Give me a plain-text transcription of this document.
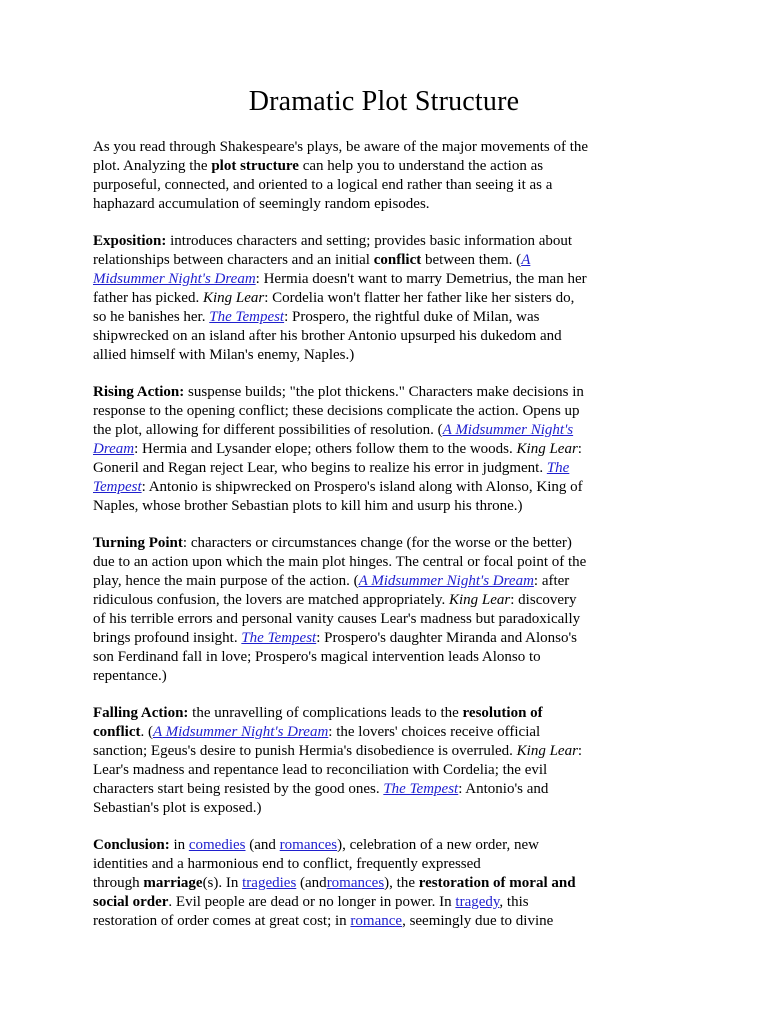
Dramatic Plot Structure

As you read through Shakespeare's plays, be aware of the major movements of the
plot. Analyzing the plot structure can help you to understand the action as
purposeful, connected, and oriented to a logical end rather than seeing it as a
haphazard accumulation of seemingly random episodes.

Exposition: introduces characters and setting; provides basic information about
relationships between characters and an initial conflict between them. (A
Midsummer Night's Dream: Hermia doesn't want to marry Demetrius, the man her
father has picked. King Lear: Cordelia won't flatter her father like her sisters do,
so he banishes her. The Tempest: Prospero, the rightful duke of Milan, was
shipwrecked on an island after his brother Antonio upsurped his dukedom and
allied himself with Milan's enemy, Naples.)

Rising Action: suspense builds; "the plot thickens." Characters make decisions in
response to the opening conflict; these decisions complicate the action. Opens up
the plot, allowing for different possibilities of resolution. (A Midsummer Night's
Dream: Hermia and Lysander elope; others follow them to the woods. King Lear:
Goneril and Regan reject Lear, who begins to realize his error in judgment. The
Tempest: Antonio is shipwrecked on Prospero's island along with Alonso, King of
Naples, whose brother Sebastian plots to kill him and usurp his throne.)

Turning Point: characters or circumstances change (for the worse or the better)
due to an action upon which the main plot hinges. The central or focal point of the
play, hence the main purpose of the action. (A Midsummer Night's Dream: after
ridiculous confusion, the lovers are matched appropriately. King Lear: discovery
of his terrible errors and personal vanity causes Lear's madness but paradoxically
brings profound insight. The Tempest: Prospero's daughter Miranda and Alonso's
son Ferdinand fall in love; Prospero's magical intervention leads Alonso to
repentance.)

Falling Action: the unravelling of complications leads to the resolution of
conflict. (A Midsummer Night's Dream: the lovers' choices receive official
sanction; Egeus's desire to punish Hermia's disobedience is overruled. King Lear:
Lear's madness and repentance lead to reconciliation with Cordelia; the evil
characters start being resisted by the good ones. The Tempest: Antonio's and
Sebastian's plot is exposed.)

Conclusion: in comedies (and romances), celebration of a new order, new
identities and a harmonious end to conflict, frequently expressed
through marriage(s). In tragedies (andromances), the restoration of moral and
social order. Evil people are dead or no longer in power. In tragedy, this
restoration of order comes at great cost; in romance, seemingly due to divine
